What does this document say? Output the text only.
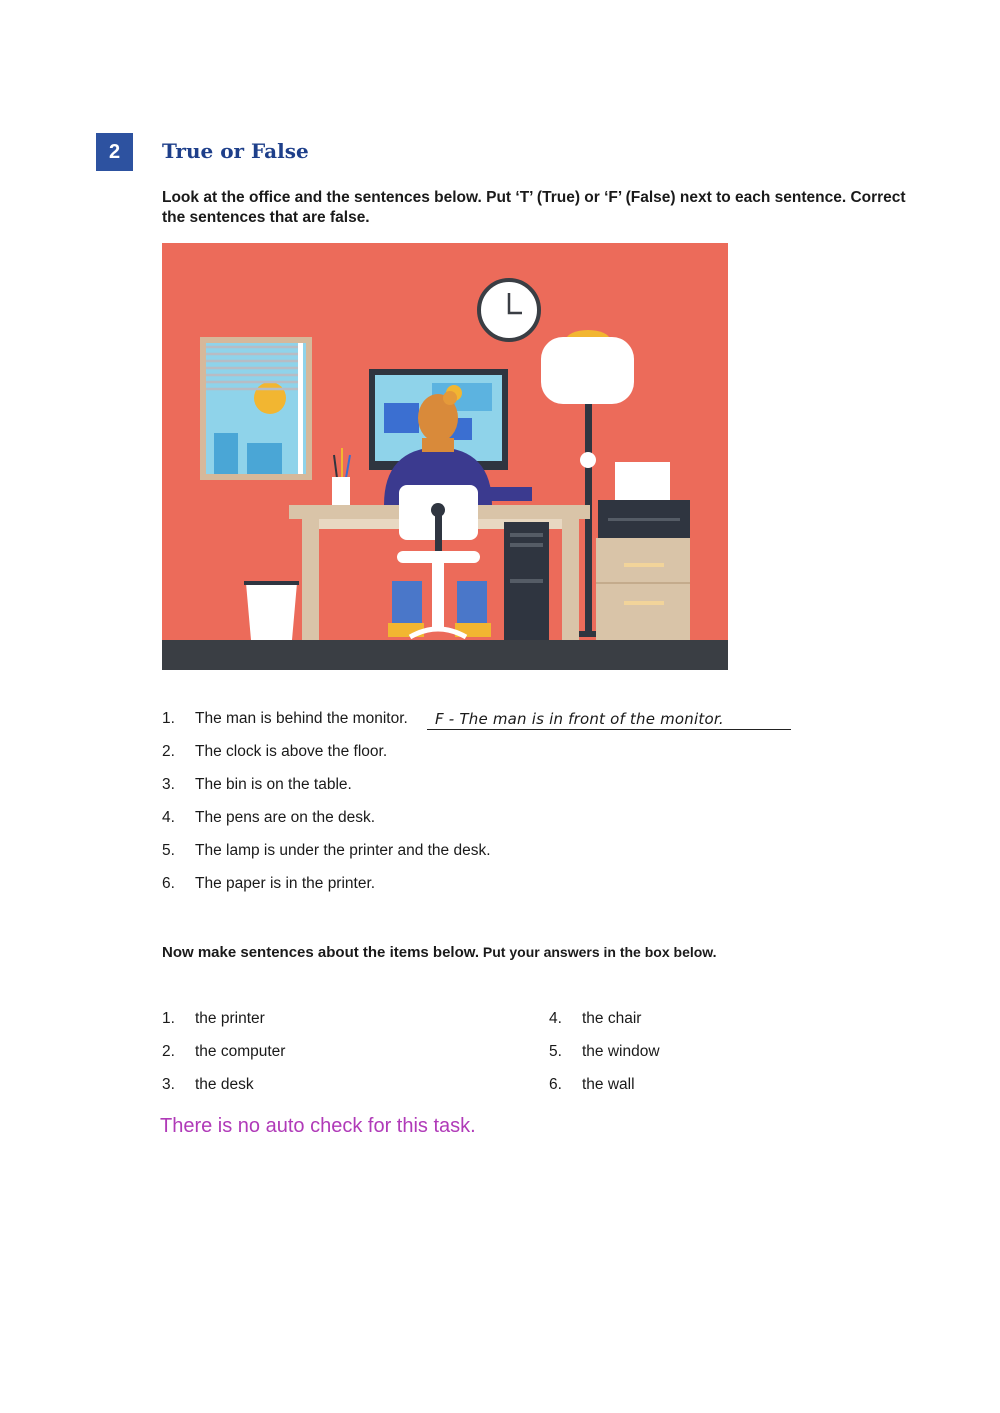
2	True or False
Look at the office and the sentences below. Put ‘T’ (True) or ‘F’ (False) next to each sentence. Correct the sentences that are false.
1. The man is behind the monitor.
2. The clock is above the floor.
3. The bin is on the table.
4. The pens are on the desk.
5. The lamp is under the printer and the desk.
6. The paper is in the printer.
F - The man is in front of the monitor.
Now make sentences about the items below. Put your answers in the box below.
1. the printer
2. the computer
3. the desk
4. the chair
5. the window
6. the wall
There is no auto check for this task.
